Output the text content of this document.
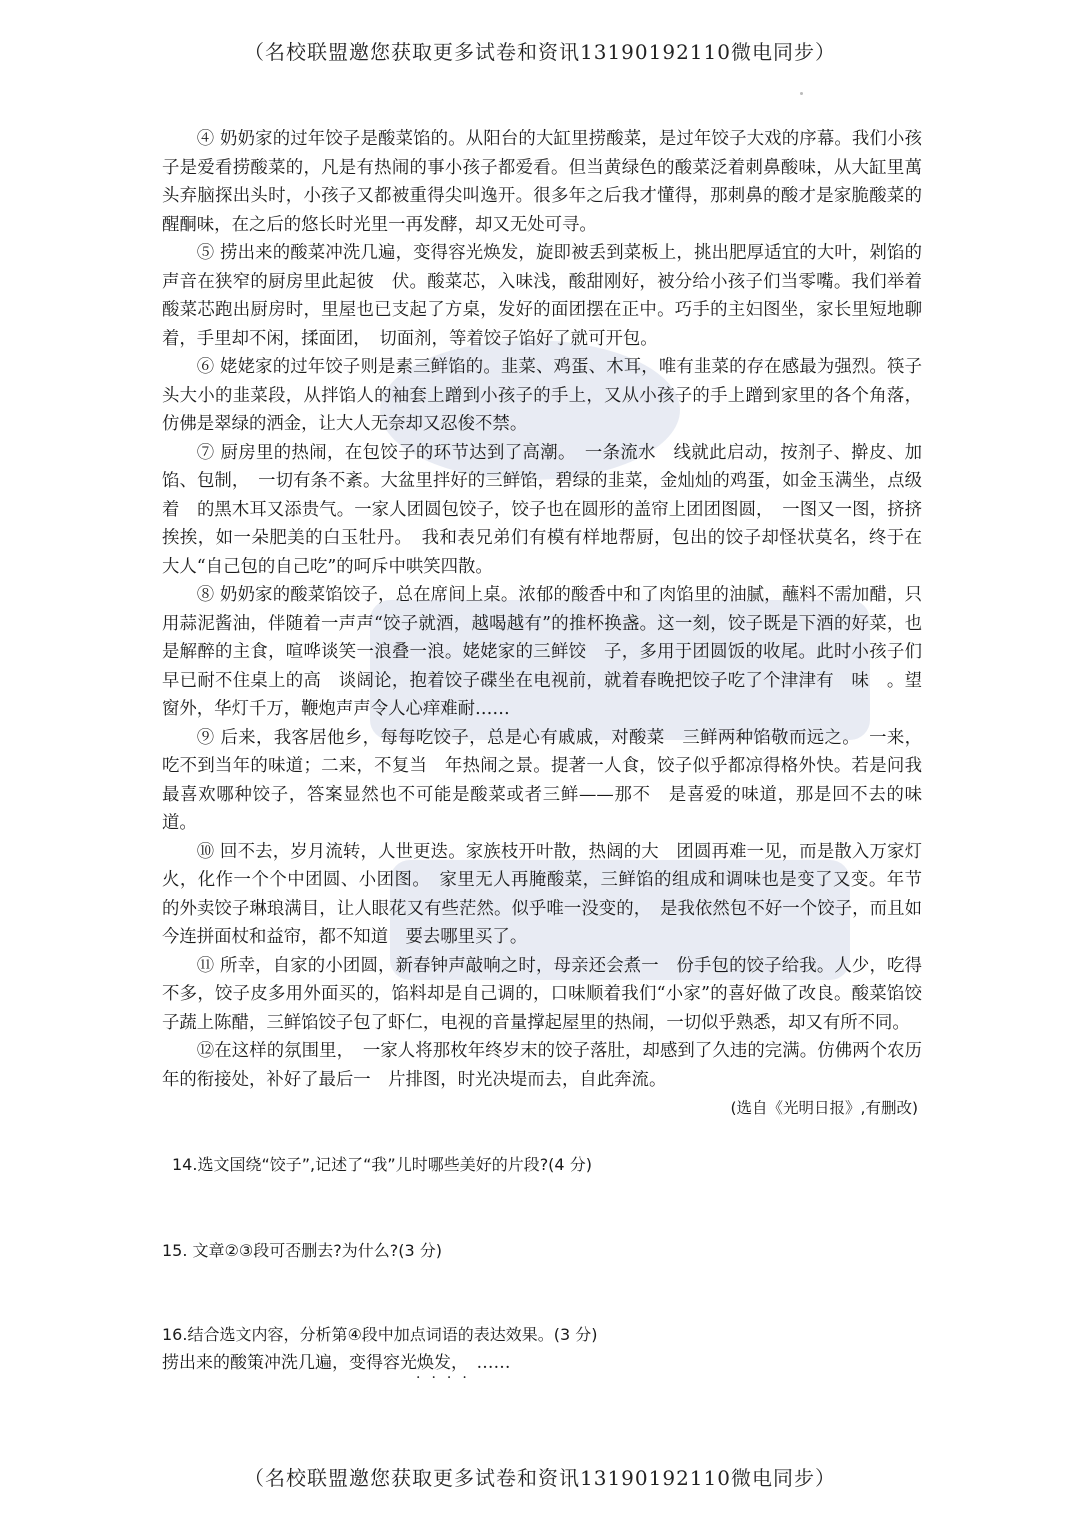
（名校联盟邀您获取更多试卷和资讯13190192110微电同步）

④ 奶奶家的过年饺子是酸菜馅的。从阳台的大缸里捞酸菜，是过年饺子大戏的序幕。我们小孩子是爱看捞酸菜的，凡是有热闹的事小孩子都爱看。但当黄绿色的酸菜泛着刺鼻酸味，从大缸里萬头弃脑探出头时，小孩子又都被重得尖叫逸开。很多年之后我才懂得，那刺鼻的酸才是家脆酸菜的醒酮味，在之后的悠长时光里一再发酵，却又无处可寻。

⑤ 捞出来的酸菜冲洗几遍，变得容光焕发，旋即被丢到菜板上，挑出肥厚适宜的大叶，剁馅的声音在狭窄的厨房里此起彼　伏。酸菜芯，入味浅，酸甜刚好，被分给小孩子们当零嘴。我们举着酸菜芯跑出厨房时，里屋也已支起了方桌，发好的面团摆在正中。巧手的主妇图坐，家长里短地聊着，手里却不闲，揉面团，　切面剂，等着饺子馅好了就可开包。

⑥ 姥姥家的过年饺子则是素三鲜馅的。韭菜、鸡蛋、木耳，唯有韭菜的存在感最为强烈。筷子头大小的韭菜段，从拌馅人的袖套上蹭到小孩子的手上，又从小孩子的手上蹭到家里的各个角落，仿佛是翠绿的洒金，让大人无奈却又忍俊不禁。

⑦ 厨房里的热闹，在包饺子的环节达到了高潮。　一条流水　线就此启动，按剂子、擀皮、加馅、包制，　一切有条不紊。大盆里拌好的三鲜馅，碧绿的韭菜，金灿灿的鸡蛋，如金玉满坐，点级着　的黑木耳又添贵气。一家人团圆包饺子，饺子也在圆形的盖帘上团团图圆，　一图又一图，挤挤挨挨，如一朵肥美的白玉牡丹。　我和表兄弟们有模有样地帮厨，包出的饺子却怪状莫名，终于在　大人“自己包的自己吃”的呵斥中哄笑四散。

⑧ 奶奶家的酸菜馅饺子，总在席间上桌。浓郁的酸香中和了肉馅里的油腻，蘸料不需加醋，只用蒜泥酱油，伴随着一声声“饺子就酒，越喝越有”的推杯换盏。这一刻，饺子既是下酒的好菜，也是解醉的主食，喧哗谈笑一浪叠一浪。姥姥家的三鲜饺　子，多用于团圆饭的收尾。此时小孩子们早已耐不住桌上的高　谈阔论，抱着饺子碟坐在电视前，就着春晚把饺子吃了个津津有　味　。望窗外，华灯千万，鞭炮声声令人心痒难耐……

⑨ 后来，我客居他乡，每每吃饺子，总是心有戚戚，对酸菜　三鲜两种馅敬而远之。　一来，吃不到当年的味道；二来，不复当　年热闹之景。提著一人食，饺子似乎都凉得格外快。若是问我　最喜欢哪种饺子，答案显然也不可能是酸菜或者三鲜——那不　是喜爱的味道，那是回不去的味道。

⑩ 回不去，岁月流转，人世更迭。家族枝开叶散，热阔的大　团圆再难一见，而是散入万家灯火，化作一个个中团圆、小团图。　家里无人再腌酸菜，三鲜馅的组成和调味也是变了又变。年节　的外卖饺子琳琅满目，让人眼花又有些茫然。似乎唯一没变的，　是我依然包不好一个饺子，而且如今连拼面杖和益帘，都不知道　要去哪里买了。

⑪ 所幸，自家的小团圆，新春钟声敲响之时，母亲还会煮一　份手包的饺子给我。人少，吃得不多，饺子皮多用外面买的，馅料却是自己调的，口味顺着我们“小家”的喜好做了改良。酸菜馅饺子蔬上陈醋，三鲜馅饺子包了虾仁，电视的音量撑起屋里的热闹，一切似乎熟悉，却又有所不同。

⑫在这样的氛围里，　一家人将那枚年终岁末的饺子落肚，却感到了久违的完满。仿佛两个农历年的衔接处，补好了最后一　片排图，时光决堤而去，自此奔流。

(选自《光明日报》,有删改)

14.选文国绕“饺子”,记述了“我”儿时哪些美好的片段?(4 分)

15. 文章②③段可否删去?为什么?(3 分)

16.结合选文内容，分析第④段中加点词语的表达效果。(3 分)

捞出来的酸策冲洗几遍，变得容光焕发，　……

····
（名校联盟邀您获取更多试卷和资讯13190192110微电同步）
